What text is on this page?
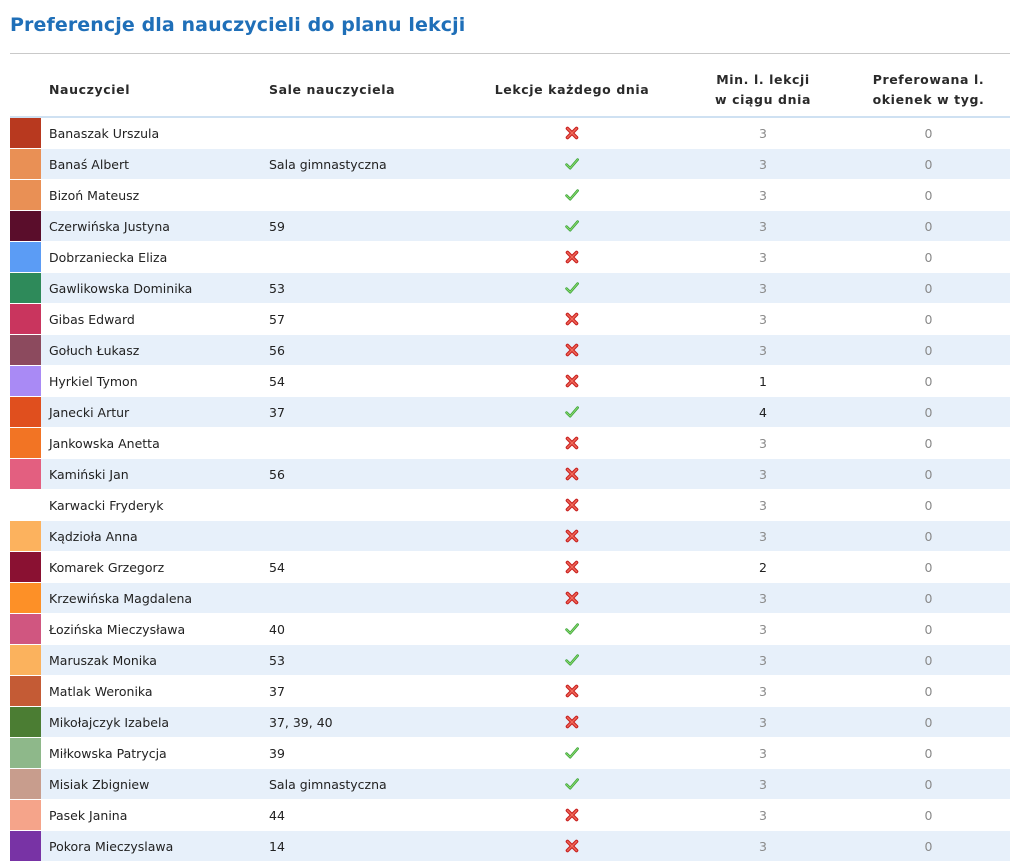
Preferencje dla nauczycieli do planu lekcji
	Nauczyciel	Sale nauczyciela	Lekcje każdego dnia	Min. l. lekcji
w ciągu dnia	Preferowana l.
okienek w tyg.

	Banaszak Urszula			3	0

	Banaś Albert	Sala gimnastyczna		3	0

	Bizoń Mateusz			3	0

	Czerwińska Justyna	59		3	0

	Dobrzaniecka Eliza			3	0

	Gawlikowska Dominika	53		3	0

	Gibas Edward	57		3	0

	Gołuch Łukasz	56		3	0

	Hyrkiel Tymon	54		1	0

	Janecki Artur	37		4	0

	Jankowska Anetta			3	0

	Kamiński Jan	56		3	0

	Karwacki Fryderyk			3	0

	Kądzioła Anna			3	0

	Komarek Grzegorz	54		2	0

	Krzewińska Magdalena			3	0

	Łozińska Mieczysława	40		3	0

	Maruszak Monika	53		3	0

	Matlak Weronika	37		3	0

	Mikołajczyk Izabela	37, 39, 40		3	0

	Miłkowska Patrycja	39		3	0

	Misiak Zbigniew	Sala gimnastyczna		3	0

	Pasek Janina	44		3	0

	Pokora Mieczyslawa	14		3	0
